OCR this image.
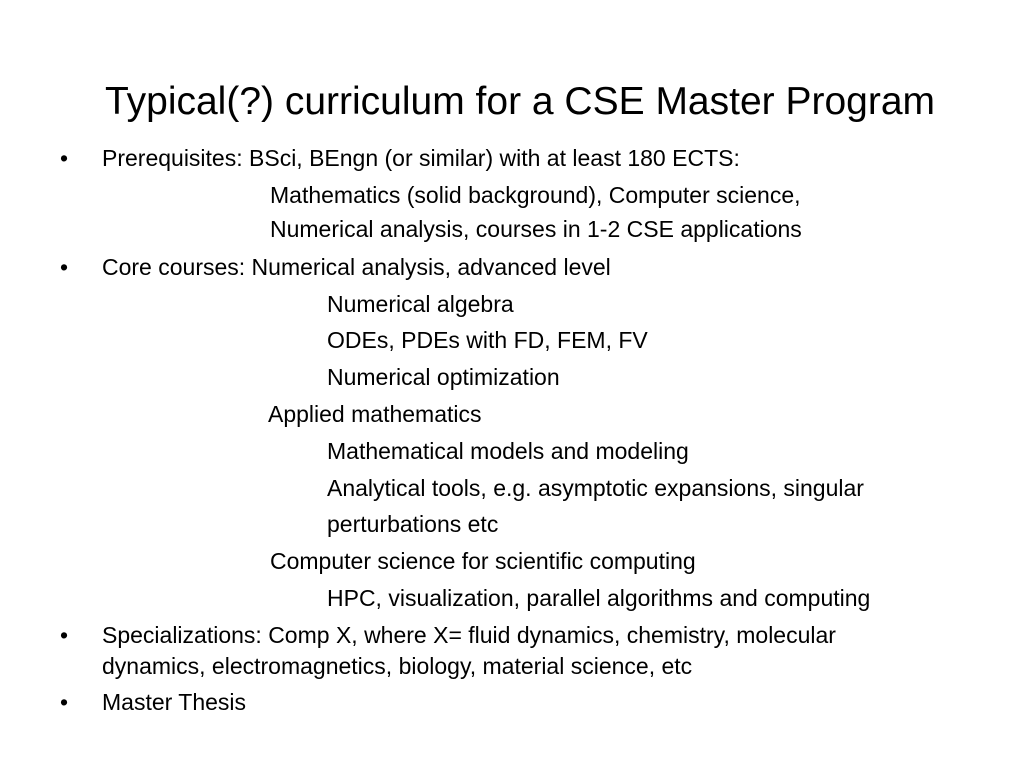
Typical(?) curriculum for a CSE Master Program
• Prerequisites: BSci, BEngn (or similar) with at least 180 ECTS:
Mathematics (solid background), Computer science,
Numerical analysis, courses in 1-2 CSE applications
• Core courses: Numerical analysis, advanced level
Numerical algebra
ODEs, PDEs with FD, FEM, FV
Numerical optimization
Applied mathematics
Mathematical models and modeling
Analytical tools, e.g. asymptotic expansions, singular
perturbations etc
Computer science for scientific computing
HPC, visualization, parallel algorithms and computing
• Specializations: Comp X, where X= fluid dynamics, chemistry, molecular
dynamics, electromagnetics, biology, material science, etc
• Master Thesis
